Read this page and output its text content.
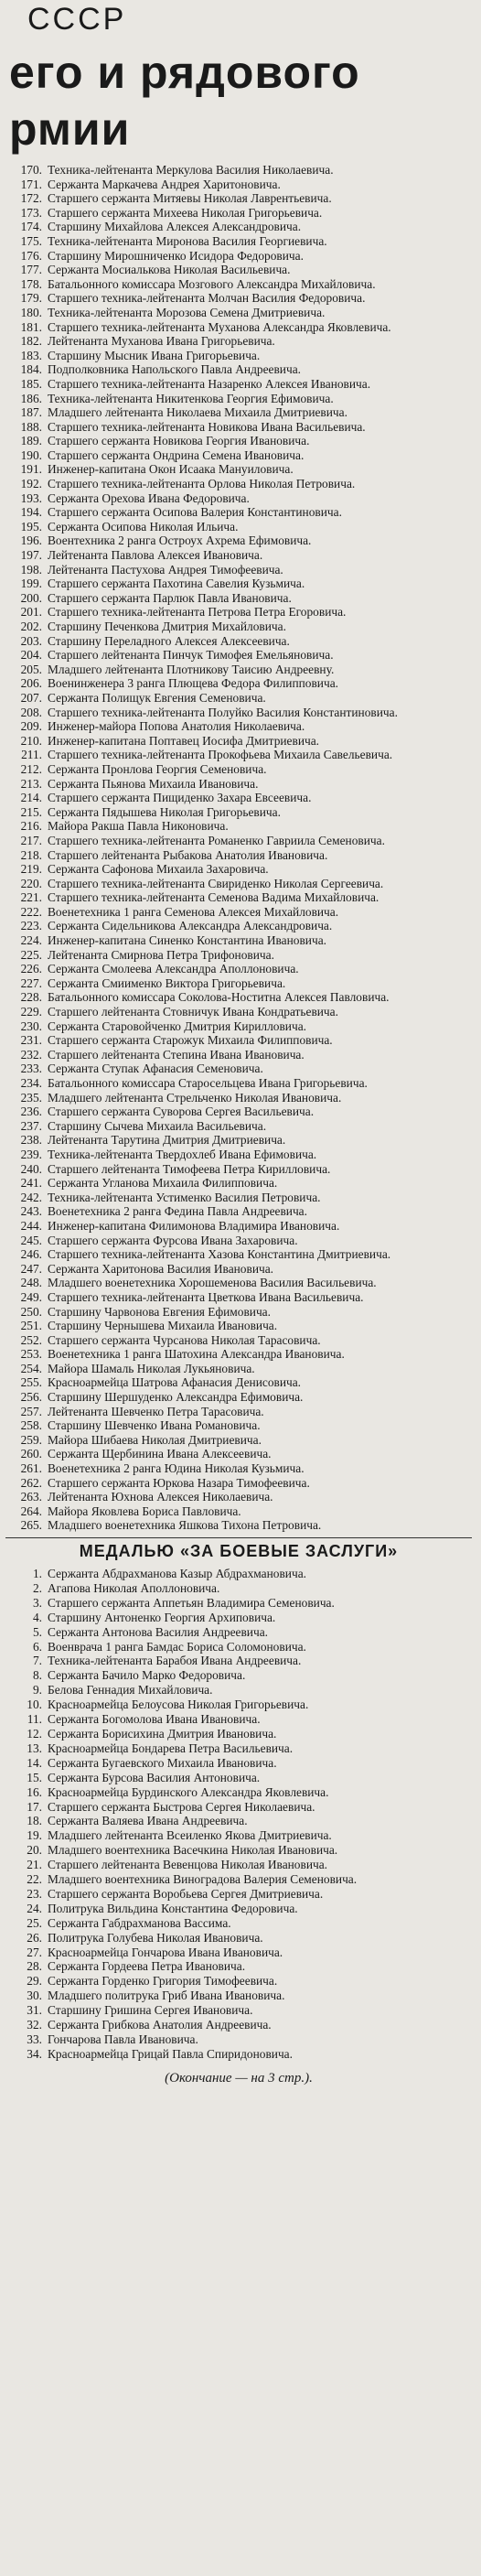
ССCР
его и рядового
рмии
170. Техника-лейтенанта Меркулова Василия Николаевича.
171. Сержанта Маркачева Андрея Харитоновича.
172. Старшего сержанта Митяевы Николая Лаврентьевича.
173. Старшего сержанта Михеева Николая Григорьевича.
174. Старшину Михайлова Алексея Александровича.
175. Техника-лейтенанта Миронова Василия Георгиевича.
176. Старшину Мирошниченко Исидора Федоровича.
177. Сержанта Мосиалькова Николая Васильевича.
178. Батальонного комиссара Мозгового Александра Михайловича.
179. Старшего техника-лейтенанта Молчан Василия Федоровича.
180. Техника-лейтенанта Морозова Семена Дмитриевича.
181. Старшего техника-лейтенанта Муханова Александра Яковлевича.
182. Лейтенанта Мухановa Ивана Григорьевича.
183. Старшину Мысник Ивана Григорьевича.
184. Подполковника Напольского Павла Андреевича.
185. Старшего техника-лейтенанта Назаренко Алексея Ивановича.
186. Техника-лейтенанта Никитенкова Георгия Ефимовича.
187. Младшего лейтенанта Николаева Михаила Дмитриевича.
188. Старшего техника-лейтенанта Новикова Ивана Васильевича.
189. Старшего сержанта Новикова Георгия Ивановича.
190. Старшего сержанта Ондрина Семена Ивановича.
191. Инженер-капитана Окон Исаака Мануиловича.
192. Старшего техника-лейтенанта Орлова Николая Петровича.
193. Сержанта Орехова Ивана Федоровича.
194. Старшего сержанта Осипова Валерия Константиновича.
195. Сержанта Осипова Николая Ильича.
196. Воентехника 2 ранга Остроух Ахрема Ефимовича.
197. Лейтенанта Павлова Алексея Ивановича.
198. Лейтенанта Пастухова Андрея Тимофеевича.
199. Старшего сержанта Пахотина Савелия Кузьмича.
200. Старшего сержанта Парлюк Павла Ивановича.
201. Старшего техника-лейтенанта Петрова Петра Егоровича.
202. Старшину Печенкова Дмитрия Михайловича.
203. Старшину Переладного Алексея Алексеевича.
204. Старшего лейтенанта Пинчук Тимофея Емельяновича.
205. Младшего лейтенанта Плотникову Таисию Андреевну.
206. Военинженера 3 ранга Плющева Федора Филипповича.
207. Сержанта Полищук Евгения Семеновича.
208. Старшего техника-лейтенанта Полуйко Василия Константиновича.
209. Инженер-майора Попова Анатолия Николаевича.
210. Инженер-капитана Поптавец Иосифа Дмитриевича.
211. Старшего техника-лейтенанта Прокофьева Михаила Савельевича.
212. Сержанта Пронлова Георгия Семеновича.
213. Сержанта Пьянова Михаила Ивановича.
214. Старшего сержанта Пищиденко Захара Евсеевича.
215. Сержанта Пядышева Николая Григорьевича.
216. Майора Ракша Павла Никоновича.
217. Старшего техника-лейтенанта Романенко Гавриила Семеновича.
218. Старшего лейтенанта Рыбакова Анатолия Ивановича.
219. Сержанта Сафонова Михаила Захаровича.
220. Старшего техника-лейтенанта Свириденко Николая Сергеевича.
221. Старшего техника-лейтенанта Семенова Вадима Михайловича.
222. Военетехника 1 ранга Семенова Алексея Михайловича.
223. Сержанта Сидельникова Александра Александровича.
224. Инженер-капитана Синенко Константина Ивановича.
225. Лейтенанта Смирнова Петра Трифоновича.
226. Сержанта Смолеева Александра Аполлоновича.
227. Сержанта Смиименко Виктора Григорьевича.
228. Батальонного комиссара Соколова-Ноститна Алексея Павловича.
229. Старшего лейтенанта Стовничук Ивана Кондратьевича.
230. Сержанта Старовойченко Дмитрия Кирилловича.
231. Старшего сержанта Старожук Михаила Филипповича.
232. Старшего лейтенанта Степина Ивана Ивановича.
233. Сержанта Ступак Афанасия Семеновича.
234. Батальонного комиссара Старосельцева Ивана Григорьевича.
235. Младшего лейтенанта Стрельченко Николая Ивановича.
236. Старшего сержанта Суворова Сергея Васильевича.
237. Старшину Сычева Михаила Васильевича.
238. Лейтенанта Тарутина Дмитрия Дмитриевича.
239. Техника-лейтенанта Твердохлеб Ивана Ефимовича.
240. Старшего лейтенанта Тимофеева Петра Кирилловича.
241. Сержанта Угланова Михаила Филипповича.
242. Техника-лейтенанта Устименко Василия Петровича.
243. Военетехника 2 ранга Федина Павла Андреевича.
244. Инженер-капитана Филимонова Владимира Ивановича.
245. Старшего сержанта Фурсова Ивана Захаровича.
246. Старшего техника-лейтенанта Хазова Константина Дмитриевича.
247. Сержанта Харитонова Василия Ивановича.
248. Младшего военетехника Хорошеменова Василия Васильевича.
249. Старшего техника-лейтенанта Цветкова Ивана Васильевича.
250. Старшину Чарвонова Евгения Ефимовича.
251. Старшину Чернышева Михаила Ивановича.
252. Старшего сержанта Чурсанова Николая Тарасовича.
253. Военетехника 1 ранга Шатохина Александра Ивановича.
254. Майора Шамаль Николая Лукьяновича.
255. Красноармейца Шатрова Афанасия Денисовича.
256. Старшину Шершуденко Александра Ефимовича.
257. Лейтенанта Шевченко Петра Тарасовича.
258. Старшину Шевченко Ивана Романовича.
259. Майора Шибаева Николая Дмитриевича.
260. Сержанта Щербинина Ивана Алексеевича.
261. Военетехника 2 ранга Юдина Николая Кузьмича.
262. Старшего сержанта Юркова Назара Тимофеевича.
263. Лейтенанта Юхнова Алексея Николаевича.
264. Майора Яковлева Бориса Павловича.
265. Младшего военетехника Яшкова Тихона Петровича.
МЕДАЛЬЮ «ЗА БОЕВЫЕ ЗАСЛУГИ»
1. Сержанта Абдрахманова Казыр Абдрахмановича.
2. Агапова Николая Аполлоновича.
3. Старшего сержанта Аппетьян Владимира Семеновича.
4. Старшину Антоненко Георгия Архиповича.
5. Сержанта Антонова Василия Андреевича.
6. Военврача 1 ранга Бамдас Бориса Соломоновича.
7. Техника-лейтенанта Барабоя Ивана Андреевича.
8. Сержанта Бачило Марко Федоровича.
9. Белова Геннадия Михайловича.
10. Красноармейца Белоусова Николая Григорьевича.
11. Сержанта Богомолова Ивана Ивановича.
12. Сержанта Борисихина Дмитрия Ивановича.
13. Красноармейца Бондарева Петра Васильевича.
14. Сержанта Бугаевского Михаила Ивановича.
15. Сержанта Бурсова Василия Антоновича.
16. Красноармейца Бурдинского Александра Яковлевича.
17. Старшего сержанта Быстрова Сергея Николаевича.
18. Сержанта Валяева Ивана Андреевича.
19. Младшего лейтенанта Всеиленко Якова Дмитриевича.
20. Младшего воентехника Васечкина Николая Ивановича.
21. Старшего лейтенанта Вевенцова Николая Ивановича.
22. Младшего воентехника Виноградова Валерия Семеновича.
23. Старшего сержанта Воробьева Сергея Дмитриевича.
24. Политрука Вильдина Константина Федоровича.
25. Сержанта Габдрахманова Вассима.
26. Политрука Голубева Николая Ивановича.
27. Красноармейца Гончарова Ивана Ивановича.
28. Сержанта Гордеева Петра Ивановича.
29. Сержанта Горденко Григория Тимофеевича.
30. Младшего политрука Гриб Ивана Ивановича.
31. Старшину Гришина Сергея Ивановича.
32. Сержанта Грибкова Анатолия Андреевича.
33. Гончарова Павла Ивановича.
34. Красноармейца Грицай Павла Спиридоновича.
(Окончание — на 3 стр.).
